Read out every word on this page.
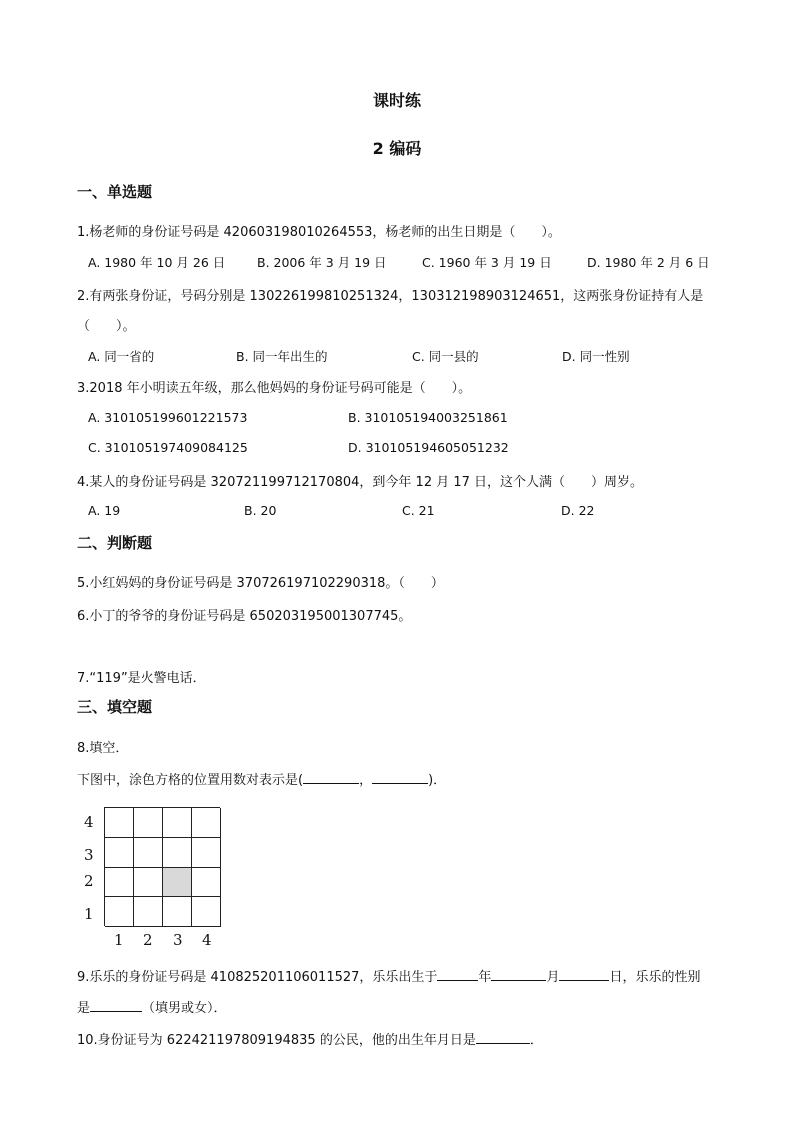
课时练
2 编码
一、单选题
1.杨老师的身份证号码是 420603198010264553，杨老师的出生日期是（　　）。
A. 1980 年 10 月 26 日	B. 2006 年 3 月 19 日	C. 1960 年 3 月 19 日	D. 1980 年 2 月 6 日
2.有两张身份证，号码分别是 130226199810251324，130312198903124651，这两张身份证持有人是
（　　）。
A. 同一省的	B. 同一年出生的	C. 同一县的	D. 同一性别
3.2018 年小明读五年级，那么他妈妈的身份证号码可能是（　　）。
A. 310105199601221573	B. 310105194003251861
C. 310105197409084125	D. 310105194605051232
4.某人的身份证号码是 320721199712170804，到今年 12 月 17 日，这个人满（　　）周岁。
A. 19	B. 20	C. 21	D. 22
二、判断题
5.小红妈妈的身份证号码是 370726197102290318。（　　）
6.小丁的爷爷的身份证号码是 650203195001307745。
7.“119”是火警电话．
三、填空题
8.填空．
下图中，涂色方格的位置用数对表示是(	，	)．
4
3
2
1
1 2 3 4
9.乐乐的身份证号码是 410825201106011527，乐乐出生于	年	月	日，乐乐的性别
是	（填男或女）．
10.身份证号为 622421197809194835 的公民，他的出生年月日是	．
